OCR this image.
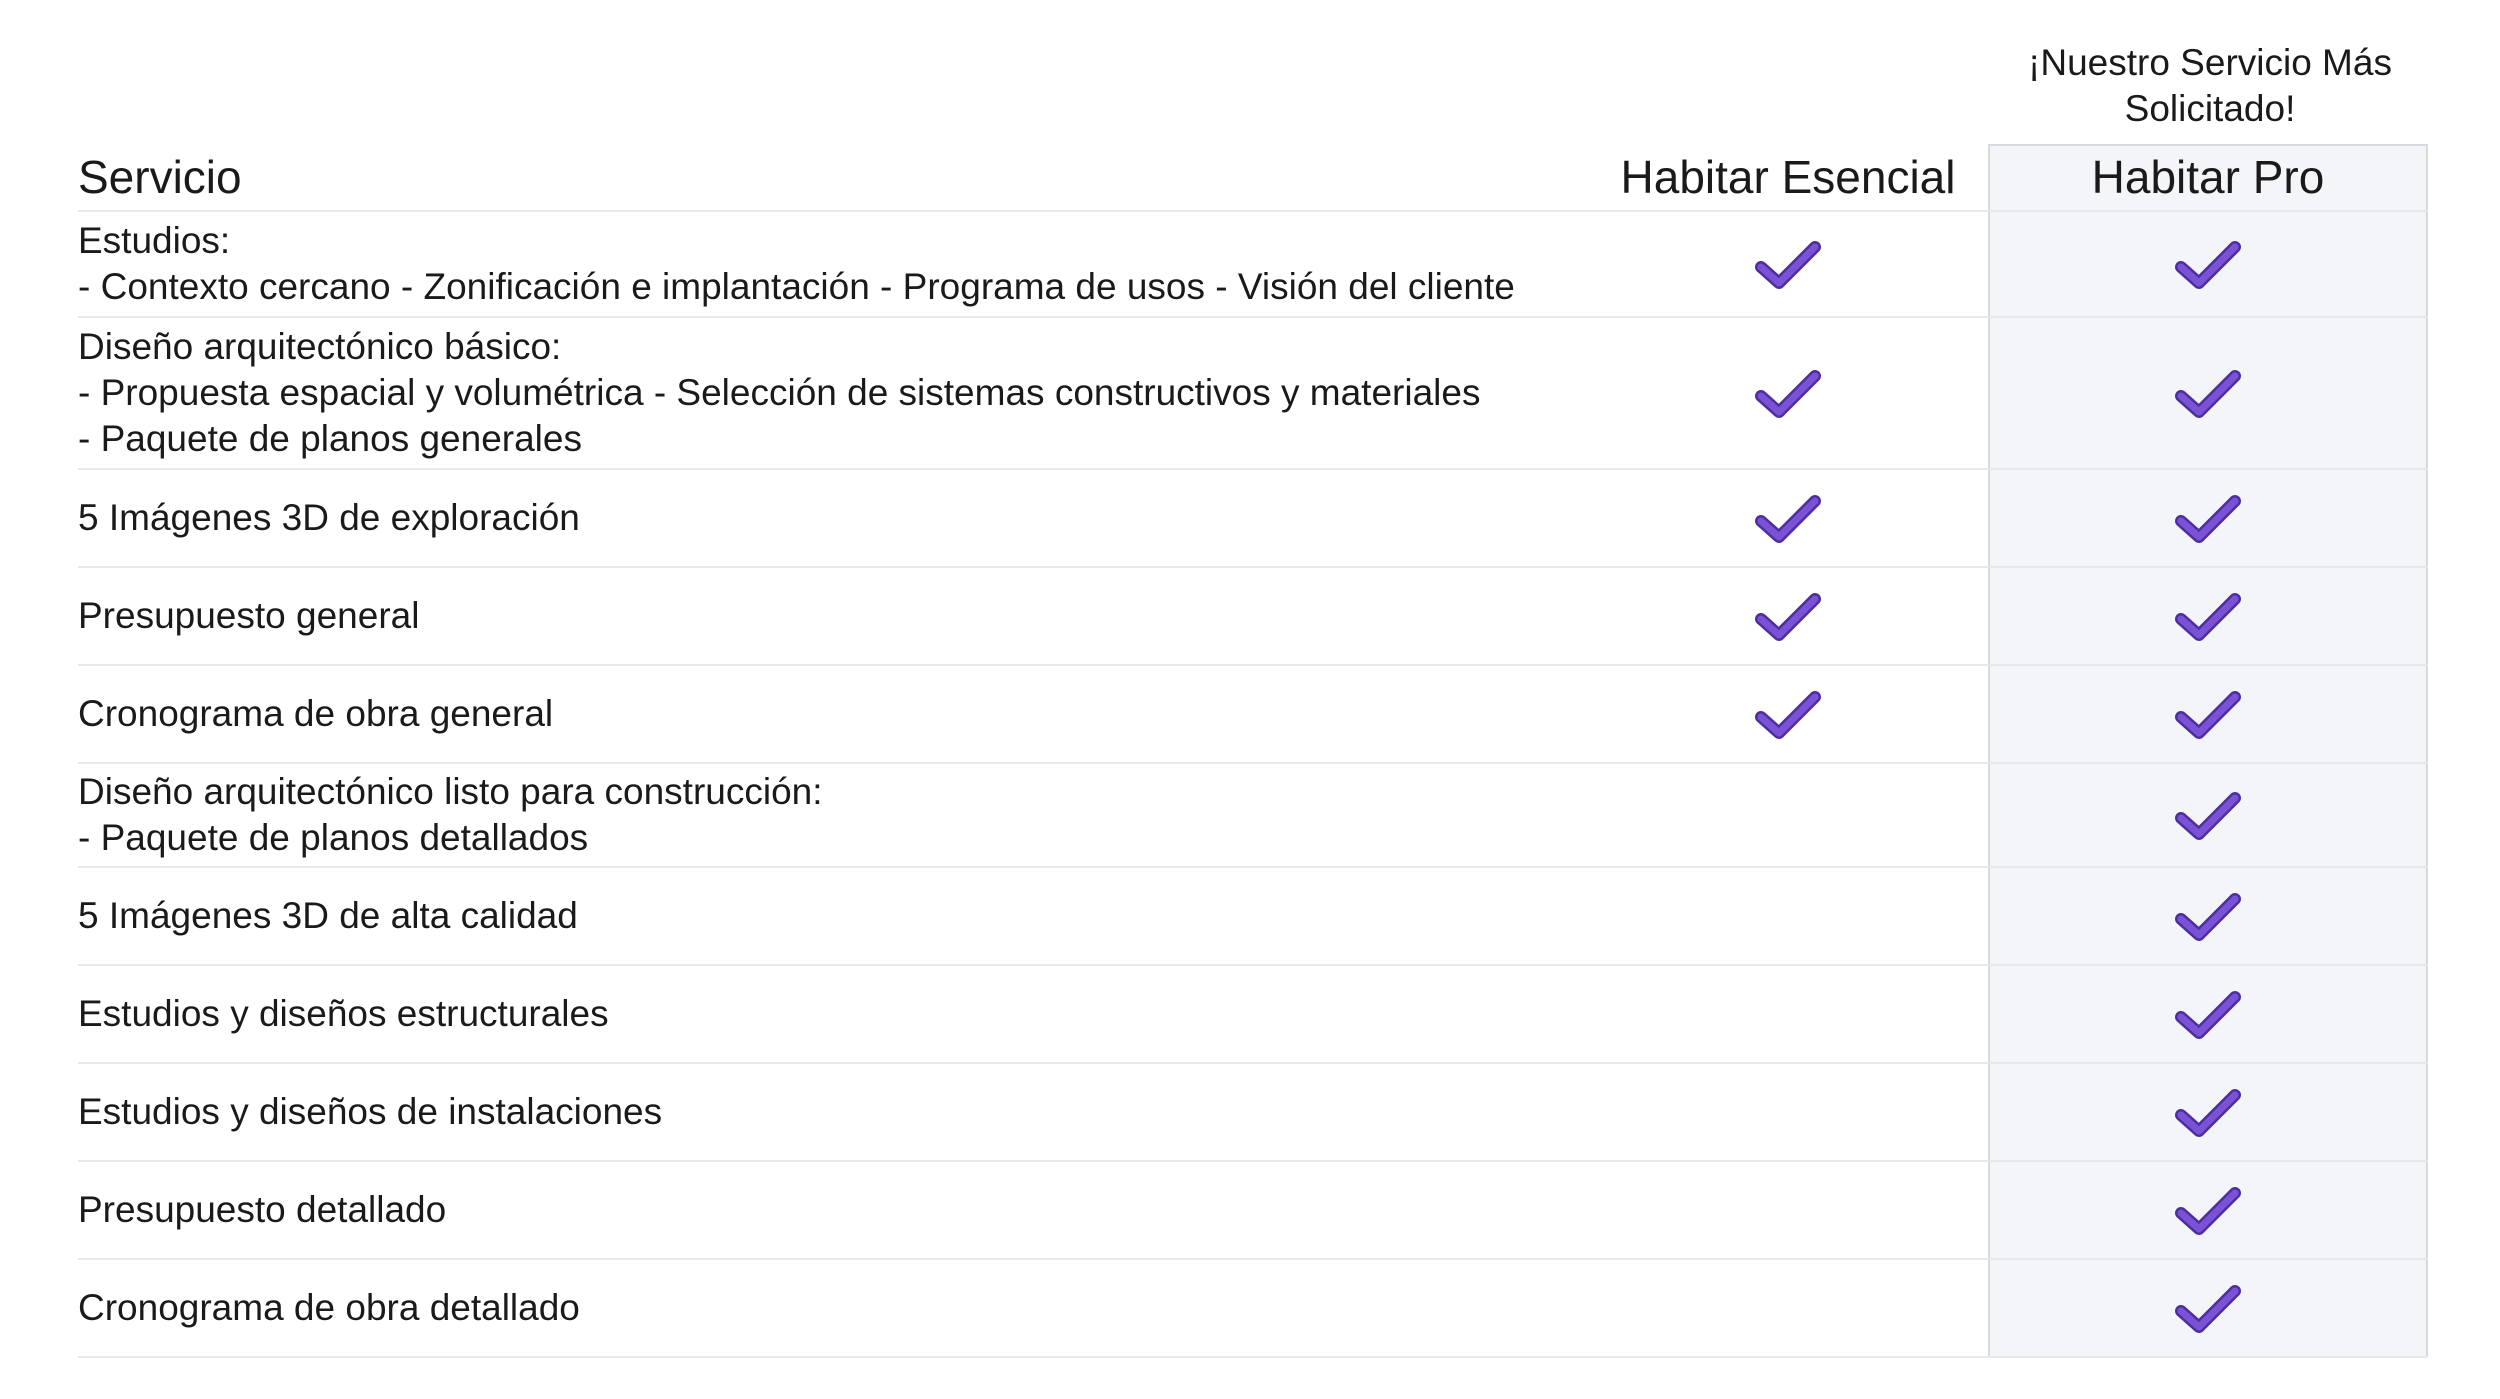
¡Nuestro Servicio Más
Solicitado!
Servicio	Habitar Esencial	Habitar Pro
Estudios:
- Contexto cercano - Zonificación e implantación - Programa de usos - Visión del cliente
Diseño arquitectónico básico:
- Propuesta espacial y volumétrica - Selección de sistemas constructivos y materiales
- Paquete de planos generales
5 Imágenes 3D de exploración
Presupuesto general
Cronograma de obra general
Diseño arquitectónico listo para construcción:
- Paquete de planos detallados
5 Imágenes 3D de alta calidad
Estudios y diseños estructurales
Estudios y diseños de instalaciones
Presupuesto detallado
Cronograma de obra detallado
